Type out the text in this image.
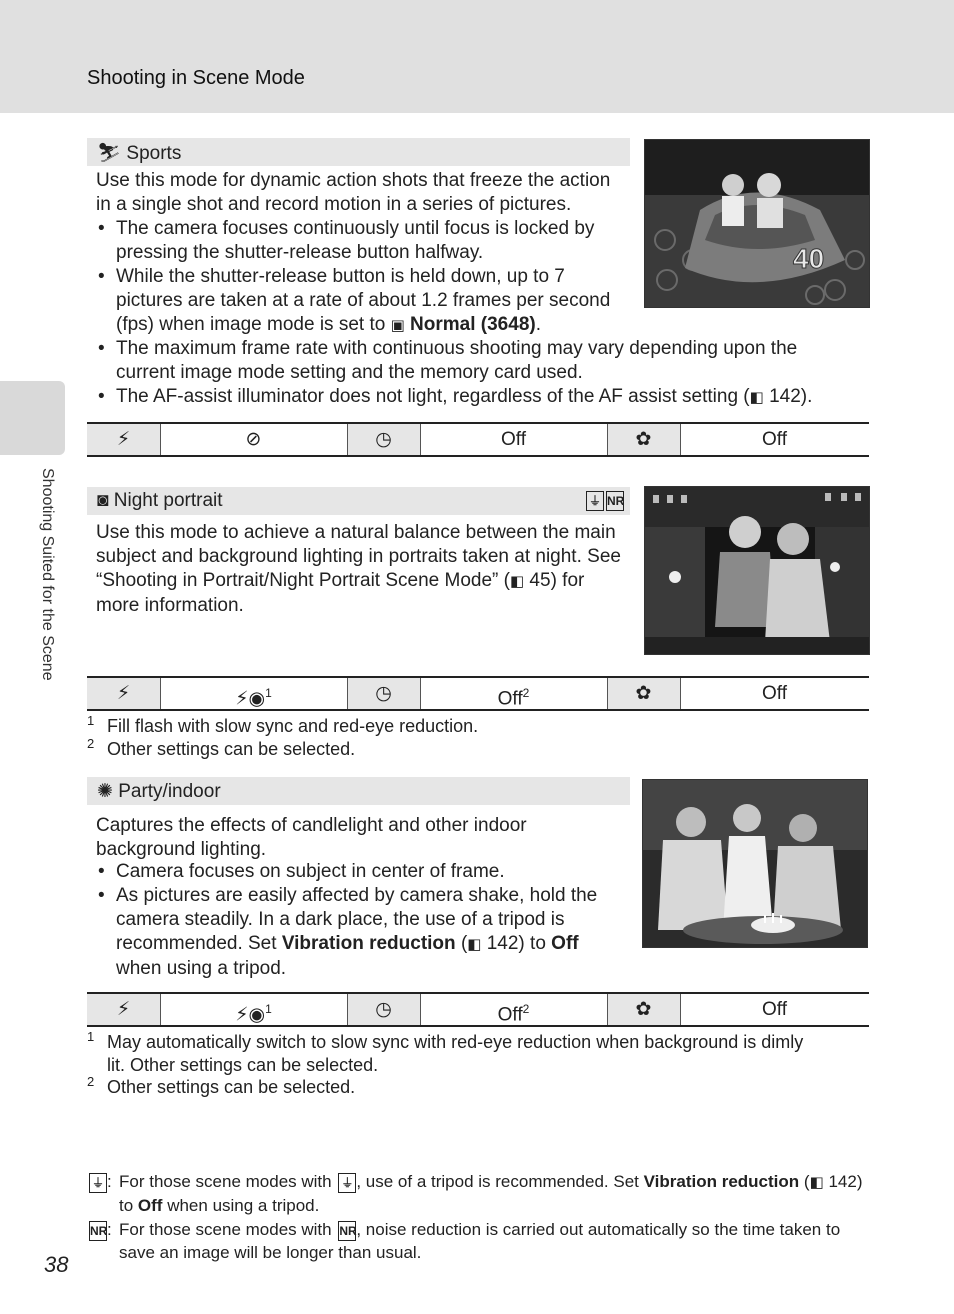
Shooting in Scene Mode
Shooting Suited for the Scene
⛷ Sports
Use this mode for dynamic action shots that freeze the action in a single shot and record motion in a series of pictures.
• The camera focuses continuously until focus is locked by pressing the shutter-release button halfway.
• While the shutter-release button is held down, up to 7 pictures are taken at a rate of about 1.2 frames per second (fps) when image mode is set to ▣ Normal (3648).
• The maximum frame rate with continuous shooting may vary depending upon the current image mode setting and the memory card used.
• The AF-assist illuminator does not light, regardless of the AF assist setting (◧ 142).
40
⚡	⊘	◷	Off	✿	Off
◙ Night portrait	⏚ NR
Use this mode to achieve a natural balance between the main subject and background lighting in portraits taken at night. See “Shooting in Portrait/Night Portrait Scene Mode” (◧ 45) for more information.
⚡	⚡◉$^1$	◷	Off$^2$	✿	Off
1 Fill flash with slow sync and red-eye reduction.
2 Other settings can be selected.
✺ Party/indoor
Captures the effects of candlelight and other indoor background lighting.
• Camera focuses on subject in center of frame.
• As pictures are easily affected by camera shake, hold the camera steadily. In a dark place, the use of a tripod is recommended. Set Vibration reduction (◧ 142) to Off when using a tripod.
⚡	⚡◉$^1$	◷	Off$^2$	✿	Off
1 May automatically switch to slow sync with red-eye reduction when background is dimly
lit. Other settings can be selected.
2 Other settings can be selected.
⏚ : For those scene modes with ⏚ , use of a tripod is recommended. Set Vibration reduction (◧ 142) to Off when using a tripod.
NR: For those scene modes with NR, noise reduction is carried out automatically so the time taken to save an image will be longer than usual.
38
